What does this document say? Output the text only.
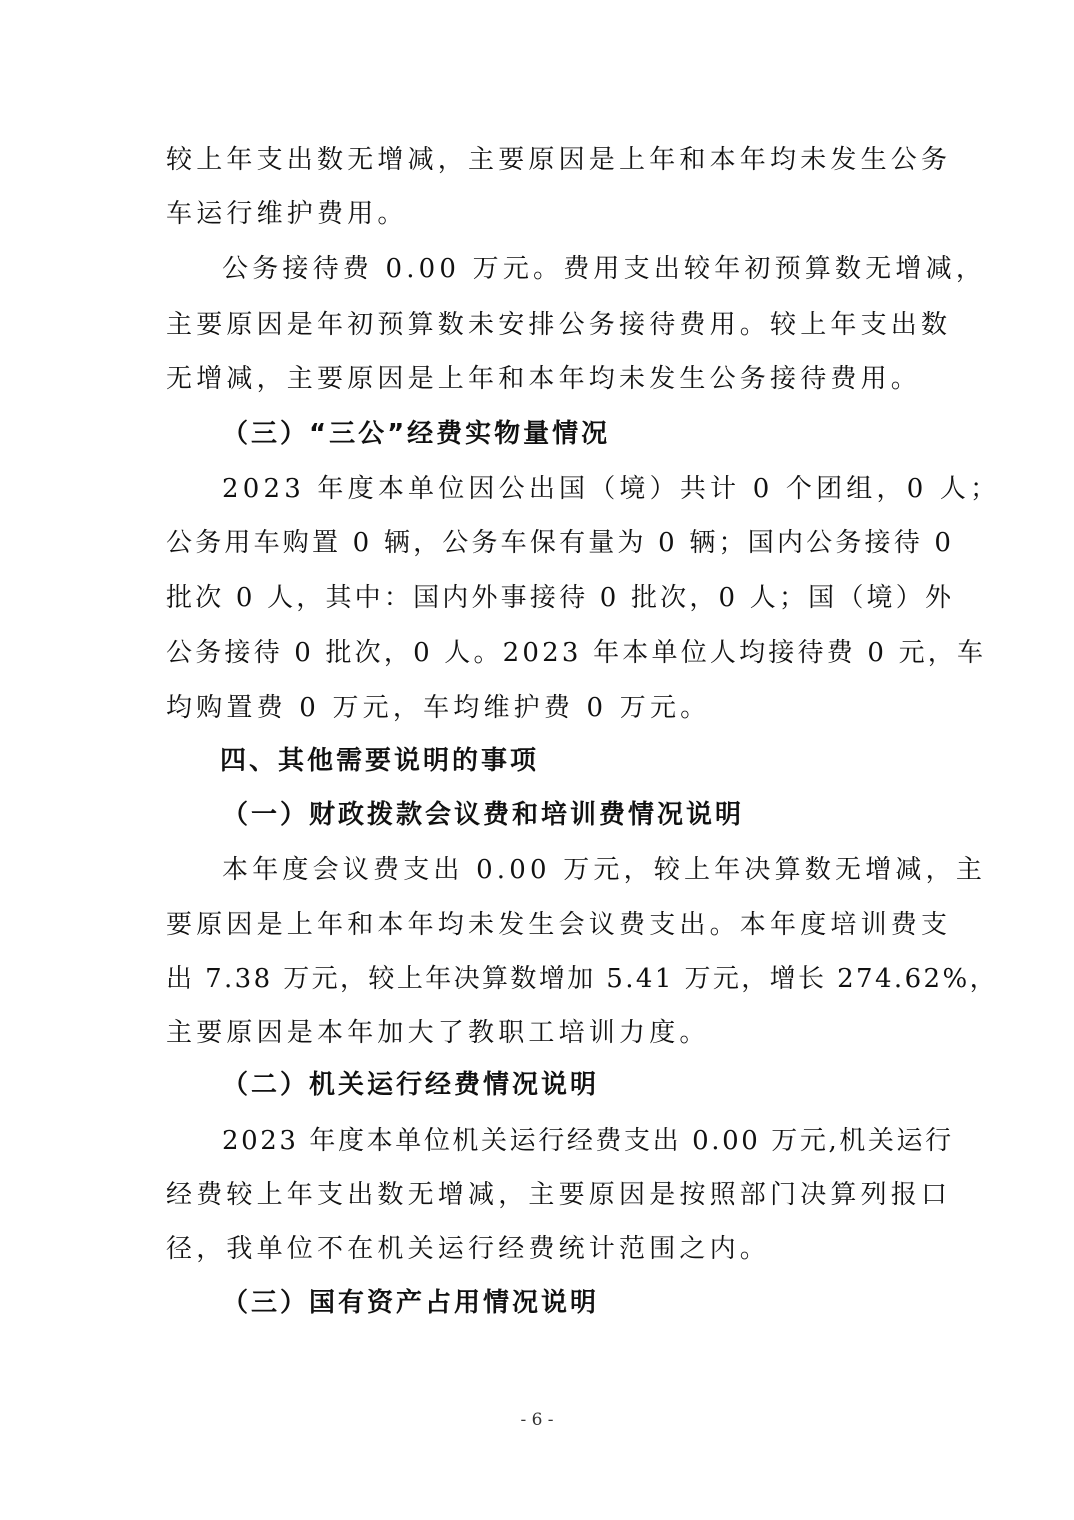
较上年支出数无增减，主要原因是上年和本年均未发生公务
车运行维护费用。
公务接待费 0.00 万元。费用支出较年初预算数无增减，
主要原因是年初预算数未安排公务接待费用。较上年支出数
无增减，主要原因是上年和本年均未发生公务接待费用。
（三）“三公”经费实物量情况
2023 年度本单位因公出国（境）共计 0 个团组，0 人；
公务用车购置 0 辆，公务车保有量为 0 辆；国内公务接待 0
批次 0 人，其中：国内外事接待 0 批次，0 人；国（境）外
公务接待 0 批次，0 人。2023 年本单位人均接待费 0 元，车
均购置费 0 万元，车均维护费 0 万元。
四、其他需要说明的事项
（一）财政拨款会议费和培训费情况说明
本年度会议费支出 0.00 万元，较上年决算数无增减，主
要原因是上年和本年均未发生会议费支出。本年度培训费支
出 7.38 万元，较上年决算数增加 5.41 万元，增长 274.62%，
主要原因是本年加大了教职工培训力度。
（二）机关运行经费情况说明
2023 年度本单位机关运行经费支出 0.00 万元,机关运行
经费较上年支出数无增减，主要原因是按照部门决算列报口
径，我单位不在机关运行经费统计范围之内。
（三）国有资产占用情况说明
- 6 -
